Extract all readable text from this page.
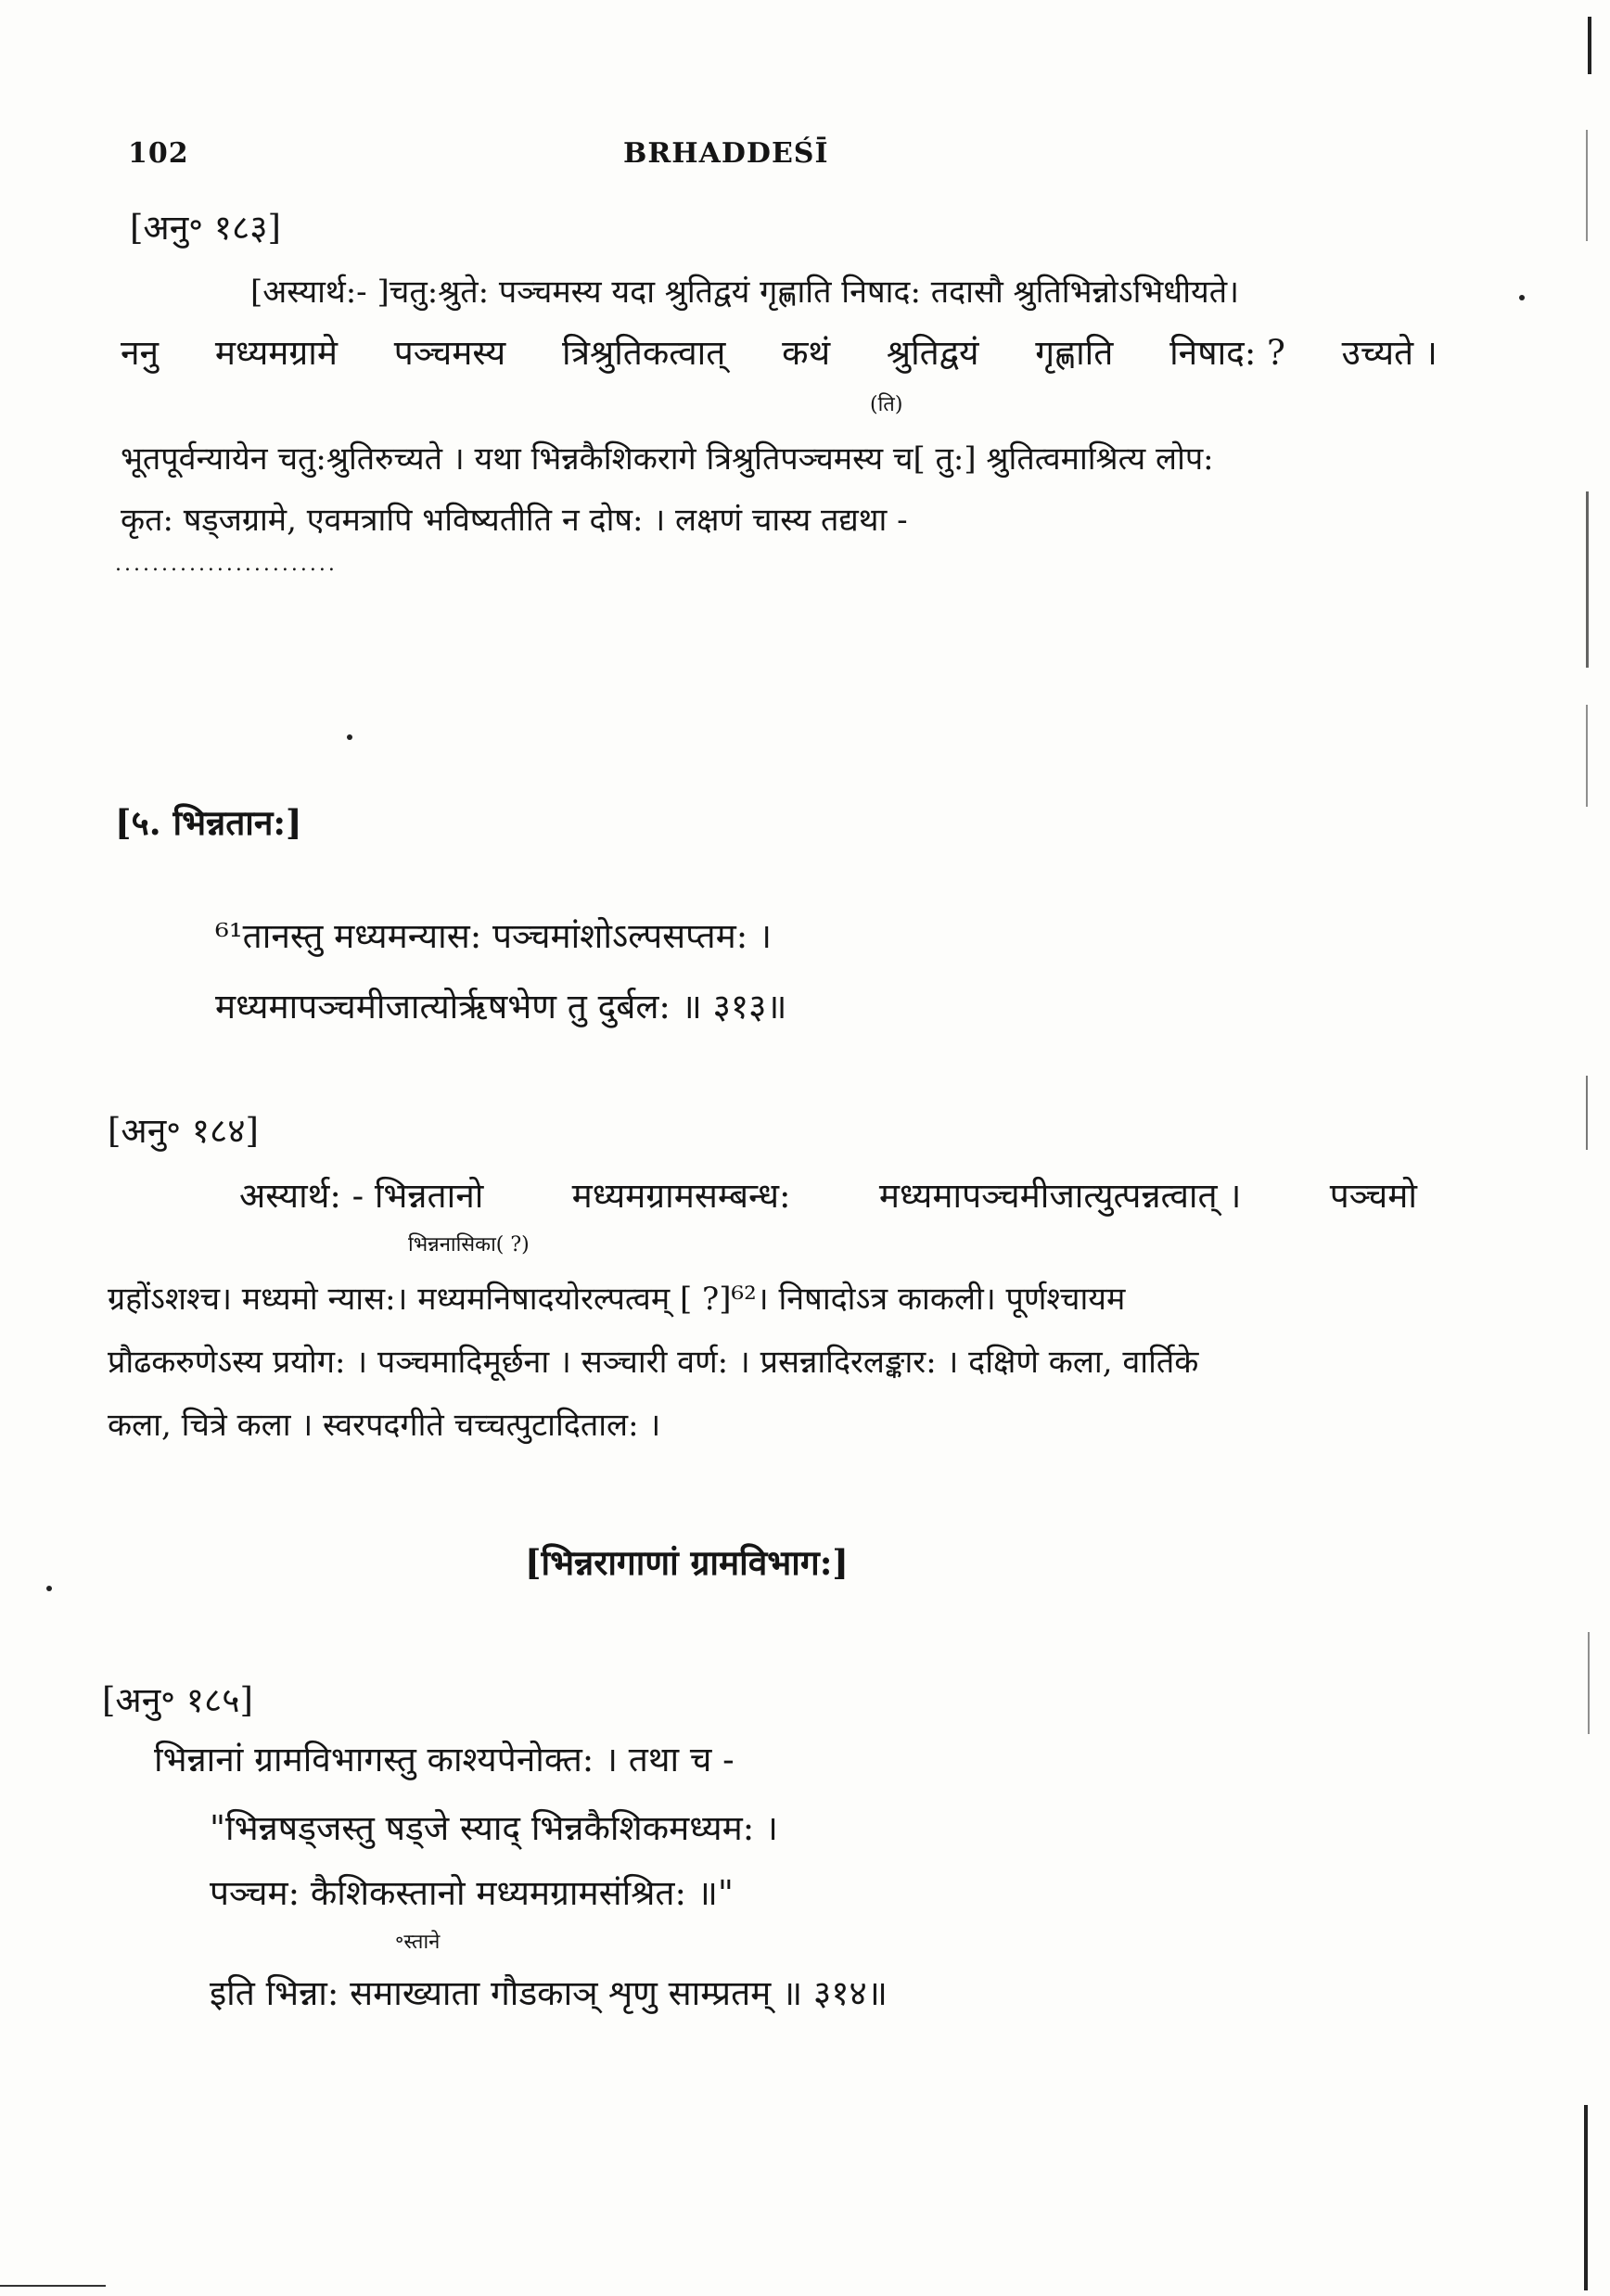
102	BRHADDEŚĪ
[अनु॰ १८३]
[अस्यार्थ:- ]चतु:श्रुते: पञ्चमस्य यदा श्रुतिद्वयं गृह्णाति निषाद: तदासौ श्रुतिभिन्नोऽभिधीयते।
ननु मध्यमग्रामे पञ्चमस्य त्रिश्रुतिकत्वात् कथं श्रुतिद्वयं गृह्णाति निषाद: ? उच्यते ।
(ति)
भूतपूर्वन्यायेन चतु:श्रुतिरुच्यते । यथा भिन्नकैशिकरागे त्रिश्रुतिपञ्चमस्य च[ तु:] श्रुतित्वमाश्रित्य लोप:
कृत: षड्जग्रामे, एवमत्रापि भविष्यतीति न दोष: । लक्षणं चास्य तद्यथा -
........................
[५. भिन्नतान:]
⁶¹तानस्तु मध्यमन्यास: पञ्चमांशोऽल्पसप्तम: ।
मध्यमापञ्चमीजात्योर्ऋषभेण तु दुर्बल: ॥ ३१३॥
[अनु॰ १८४]
अस्यार्थ: - भिन्नतानो	मध्यमग्रामसम्बन्ध:	मध्यमापञ्चमीजात्युत्पन्नत्वात् ।	पञ्चमो
भिन्ननासिका( ?)
ग्रहोंऽशश्च। मध्यमो न्यास:। मध्यमनिषादयोरल्पत्वम् [ ?]⁶²। निषादोऽत्र काकली। पूर्णश्चायम
प्रौढकरुणेऽस्य प्रयोग: । पञ्चमादिमूर्छना । सञ्चारी वर्ण: । प्रसन्नादिरलङ्कार: । दक्षिणे कला, वार्तिके
कला, चित्रे कला । स्वरपदगीते चच्चत्पुटादिताल: ।
[भिन्नरागाणां ग्रामविभाग:]
[अनु॰ १८५]
भिन्नानां ग्रामविभागस्तु काश्यपेनोक्त: । तथा च -
"भिन्नषड्जस्तु षड्जे स्याद् भिन्नकैशिकमध्यम: ।
पञ्चम: कैशिकस्तानो मध्यमग्रामसंश्रित: ॥"
॰स्ताने
इति भिन्ना: समाख्याता गौडकाञ् शृणु साम्प्रतम् ॥ ३१४॥
